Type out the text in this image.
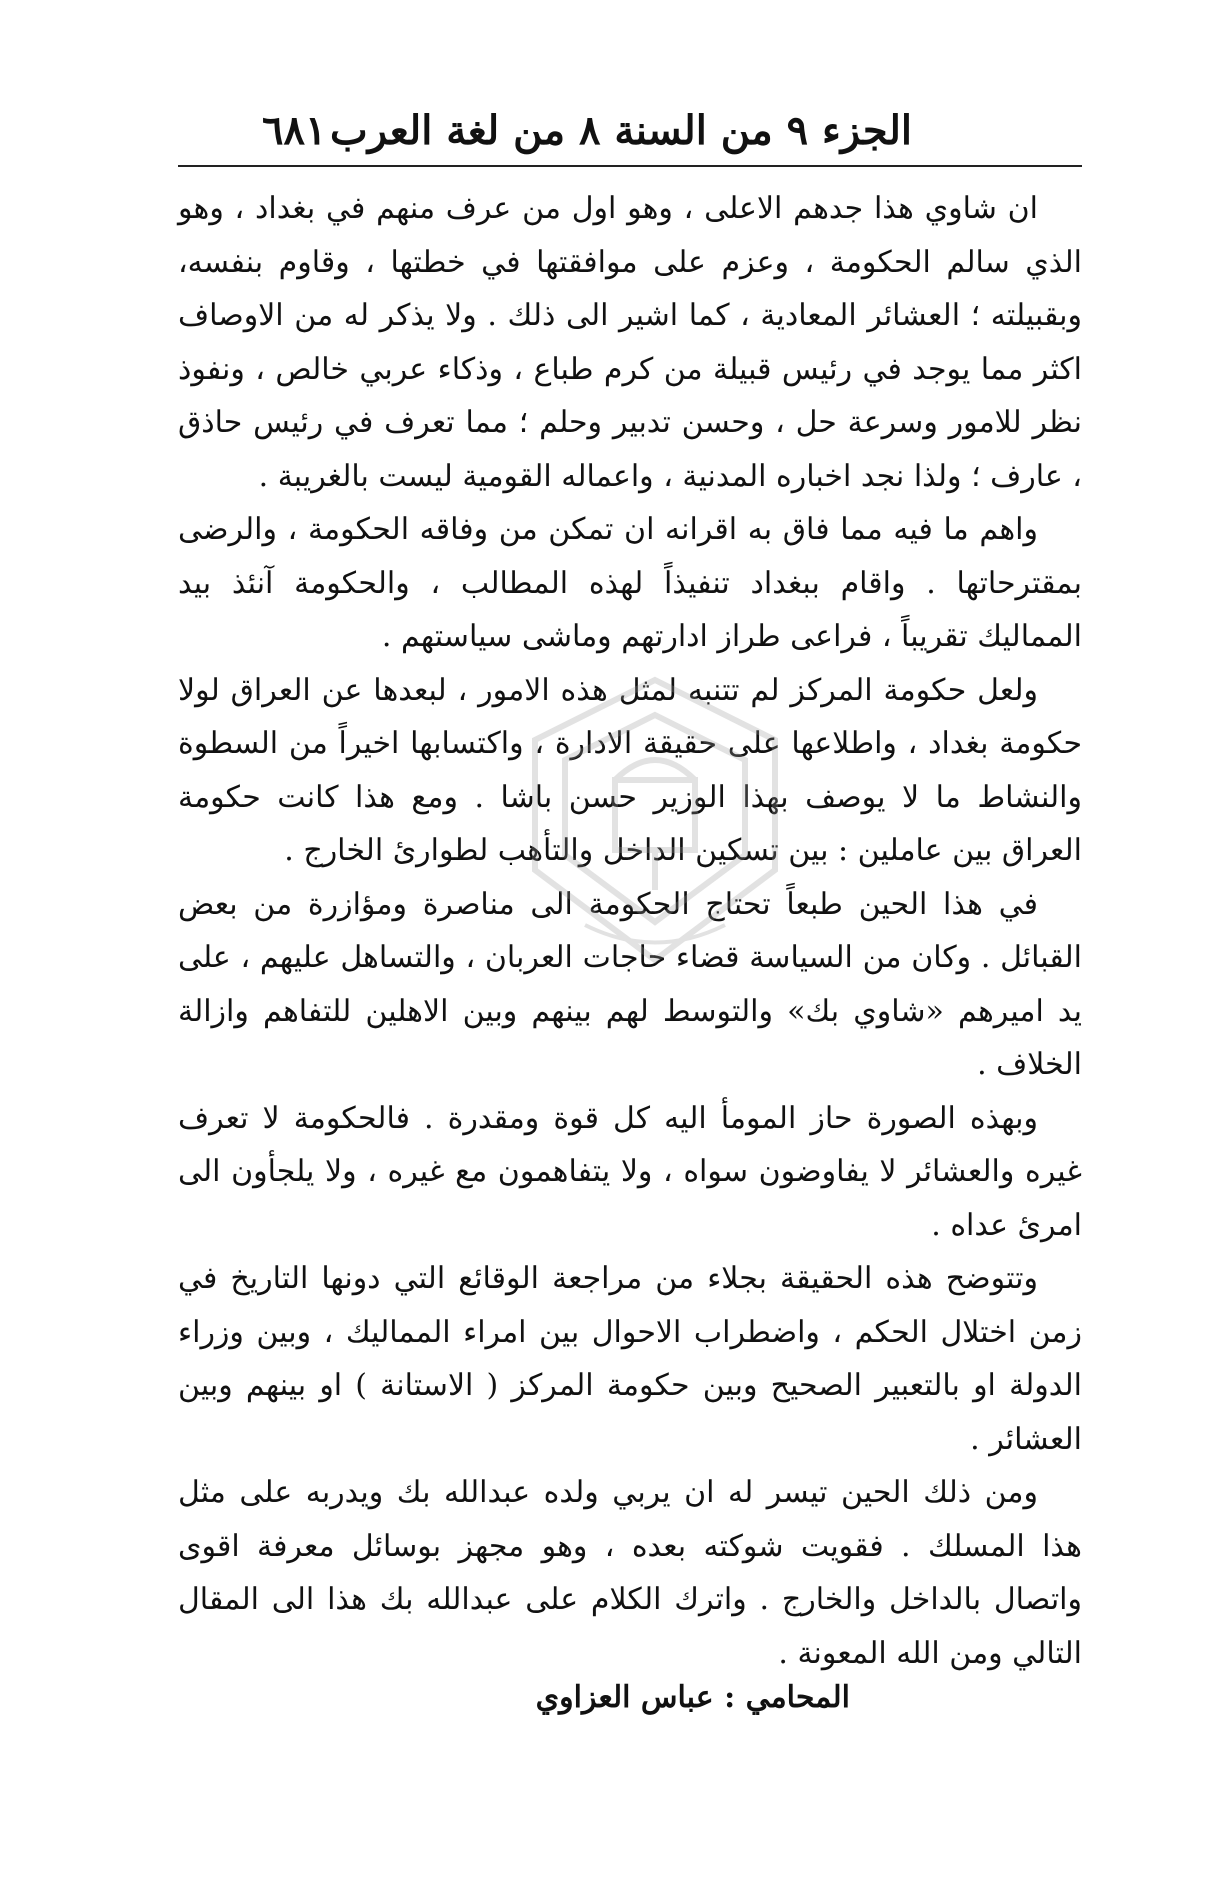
الجزء ٩ من السنة ٨ من لغة العرب
٦٨١

ان شاوي هذا جدهم الاعلى ، وهو اول من عرف منهم في بغداد ، وهو الذي سالم الحكومة ، وعزم على موافقتها في خطتها ، وقاوم بنفسه، وبقبيلته ؛ العشائر المعادية ، كما اشير الى ذلك . ولا يذكر له من الاوصاف اكثر مما يوجد في رئيس قبيلة من كرم طباع ، وذكاء عربي خالص ، ونفوذ نظر للامور وسرعة حل ، وحسن تدبير وحلم ؛ مما تعرف في رئيس حاذق ، عارف ؛ ولذا نجد اخباره المدنية ، واعماله القومية ليست بالغريبة .

واهم ما فيه مما فاق به اقرانه ان تمكن من وفاقه الحكومة ، والرضى بمقترحاتها . واقام ببغداد تنفيذاً لهذه المطالب ، والحكومة آنئذ بيد المماليك تقريباً ، فراعى طراز ادارتهم وماشى سياستهم .

ولعل حكومة المركز لم تتنبه لمثل هذه الامور ، لبعدها عن العراق لولا حكومة بغداد ، واطلاعها على حقيقة الادارة ، واكتسابها اخيراً من السطوة والنشاط ما لا يوصف بهذا الوزير حسن باشا . ومع هذا كانت حكومة العراق بين عاملين : بين تسكين الداخل والتأهب لطوارئ الخارج .

في هذا الحين طبعاً تحتاج الحكومة الى مناصرة ومؤازرة من بعض القبائل . وكان من السياسة قضاء حاجات العربان ، والتساهل عليهم ، على يد اميرهم «شاوي بك» والتوسط لهم بينهم وبين الاهلين للتفاهم وازالة الخلاف .

وبهذه الصورة حاز المومأ اليه كل قوة ومقدرة . فالحكومة لا تعرف غيره والعشائر لا يفاوضون سواه ، ولا يتفاهمون مع غيره ، ولا يلجأون الى امرئ عداه .

وتتوضح هذه الحقيقة بجلاء من مراجعة الوقائع التي دونها التاريخ في زمن اختلال الحكم ، واضطراب الاحوال بين امراء المماليك ، وبين وزراء الدولة او بالتعبير الصحيح وبين حكومة المركز ( الاستانة ) او بينهم وبين العشائر .

ومن ذلك الحين تيسر له ان يربي ولده عبدالله بك ويدربه على مثل هذا المسلك . فقويت شوكته بعده ، وهو مجهز بوسائل معرفة اقوى واتصال بالداخل والخارج . واترك الكلام على عبدالله بك هذا الى المقال التالي ومن الله المعونة .

المحامي : عباس العزاوي
